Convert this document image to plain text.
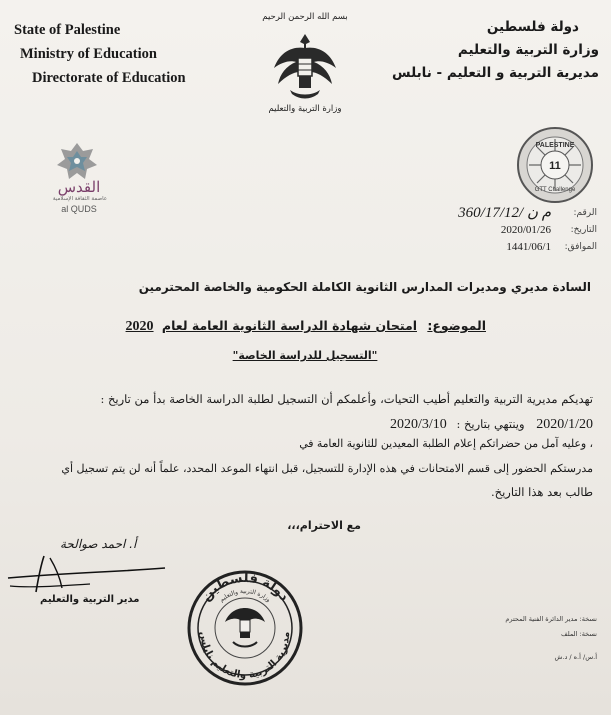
State of Palestine
Ministry of Education
Directorate of Education
دولة فلسطين
وزارة التربية والتعليم
مديرية التربية و التعليم - نابلس
بسم الله الرحمن الرحيم
وزارة التربية والتعليم
القدس
عاصمة الثقافة الإسلامية
al QUDS
PALESTINE
11
GTT Challenge
الرقم:
360/17/12/ م ن
التاريخ:
2020/01/26
الموافق:
1441/06/1
السادة مديري ومديرات المدارس الثانوية الكاملة الحكومية والخاصة المحترمين
الموضوع: امتحان شهادة الدراسة الثانوية العامة لعام 2020
"التسجيل للدراسة الخاصة"
تهديكم مديرية التربية والتعليم أطيب التحيات، وأعلمكم أن التسجيل لطلبة الدراسة الخاصة بدأ من تاريخ :
2020/1/20 وينتهي بتاريخ : 2020/3/10
، وعليه آمل من حضراتكم إعلام الطلبة المعيدين للثانوية العامة في
مدرستكم الحضور إلى قسم الامتحانات في هذه الإدارة للتسجيل، قبل انتهاء الموعد المحدد، علماً أنه لن يتم تسجيل أي
طالب بعد هذا التاريخ.
مع الاحترام،،،
أ. احمد صوالحة
مدير التربية والتعليم	دولة فلسطين
وزارة التربية والتعليم
مديرية التربية والتعليم نابلس
نسخة: مدير الدائرة الفنية المحترم
نسخة: الملف
أ.س/ أ.ه / د.ش
